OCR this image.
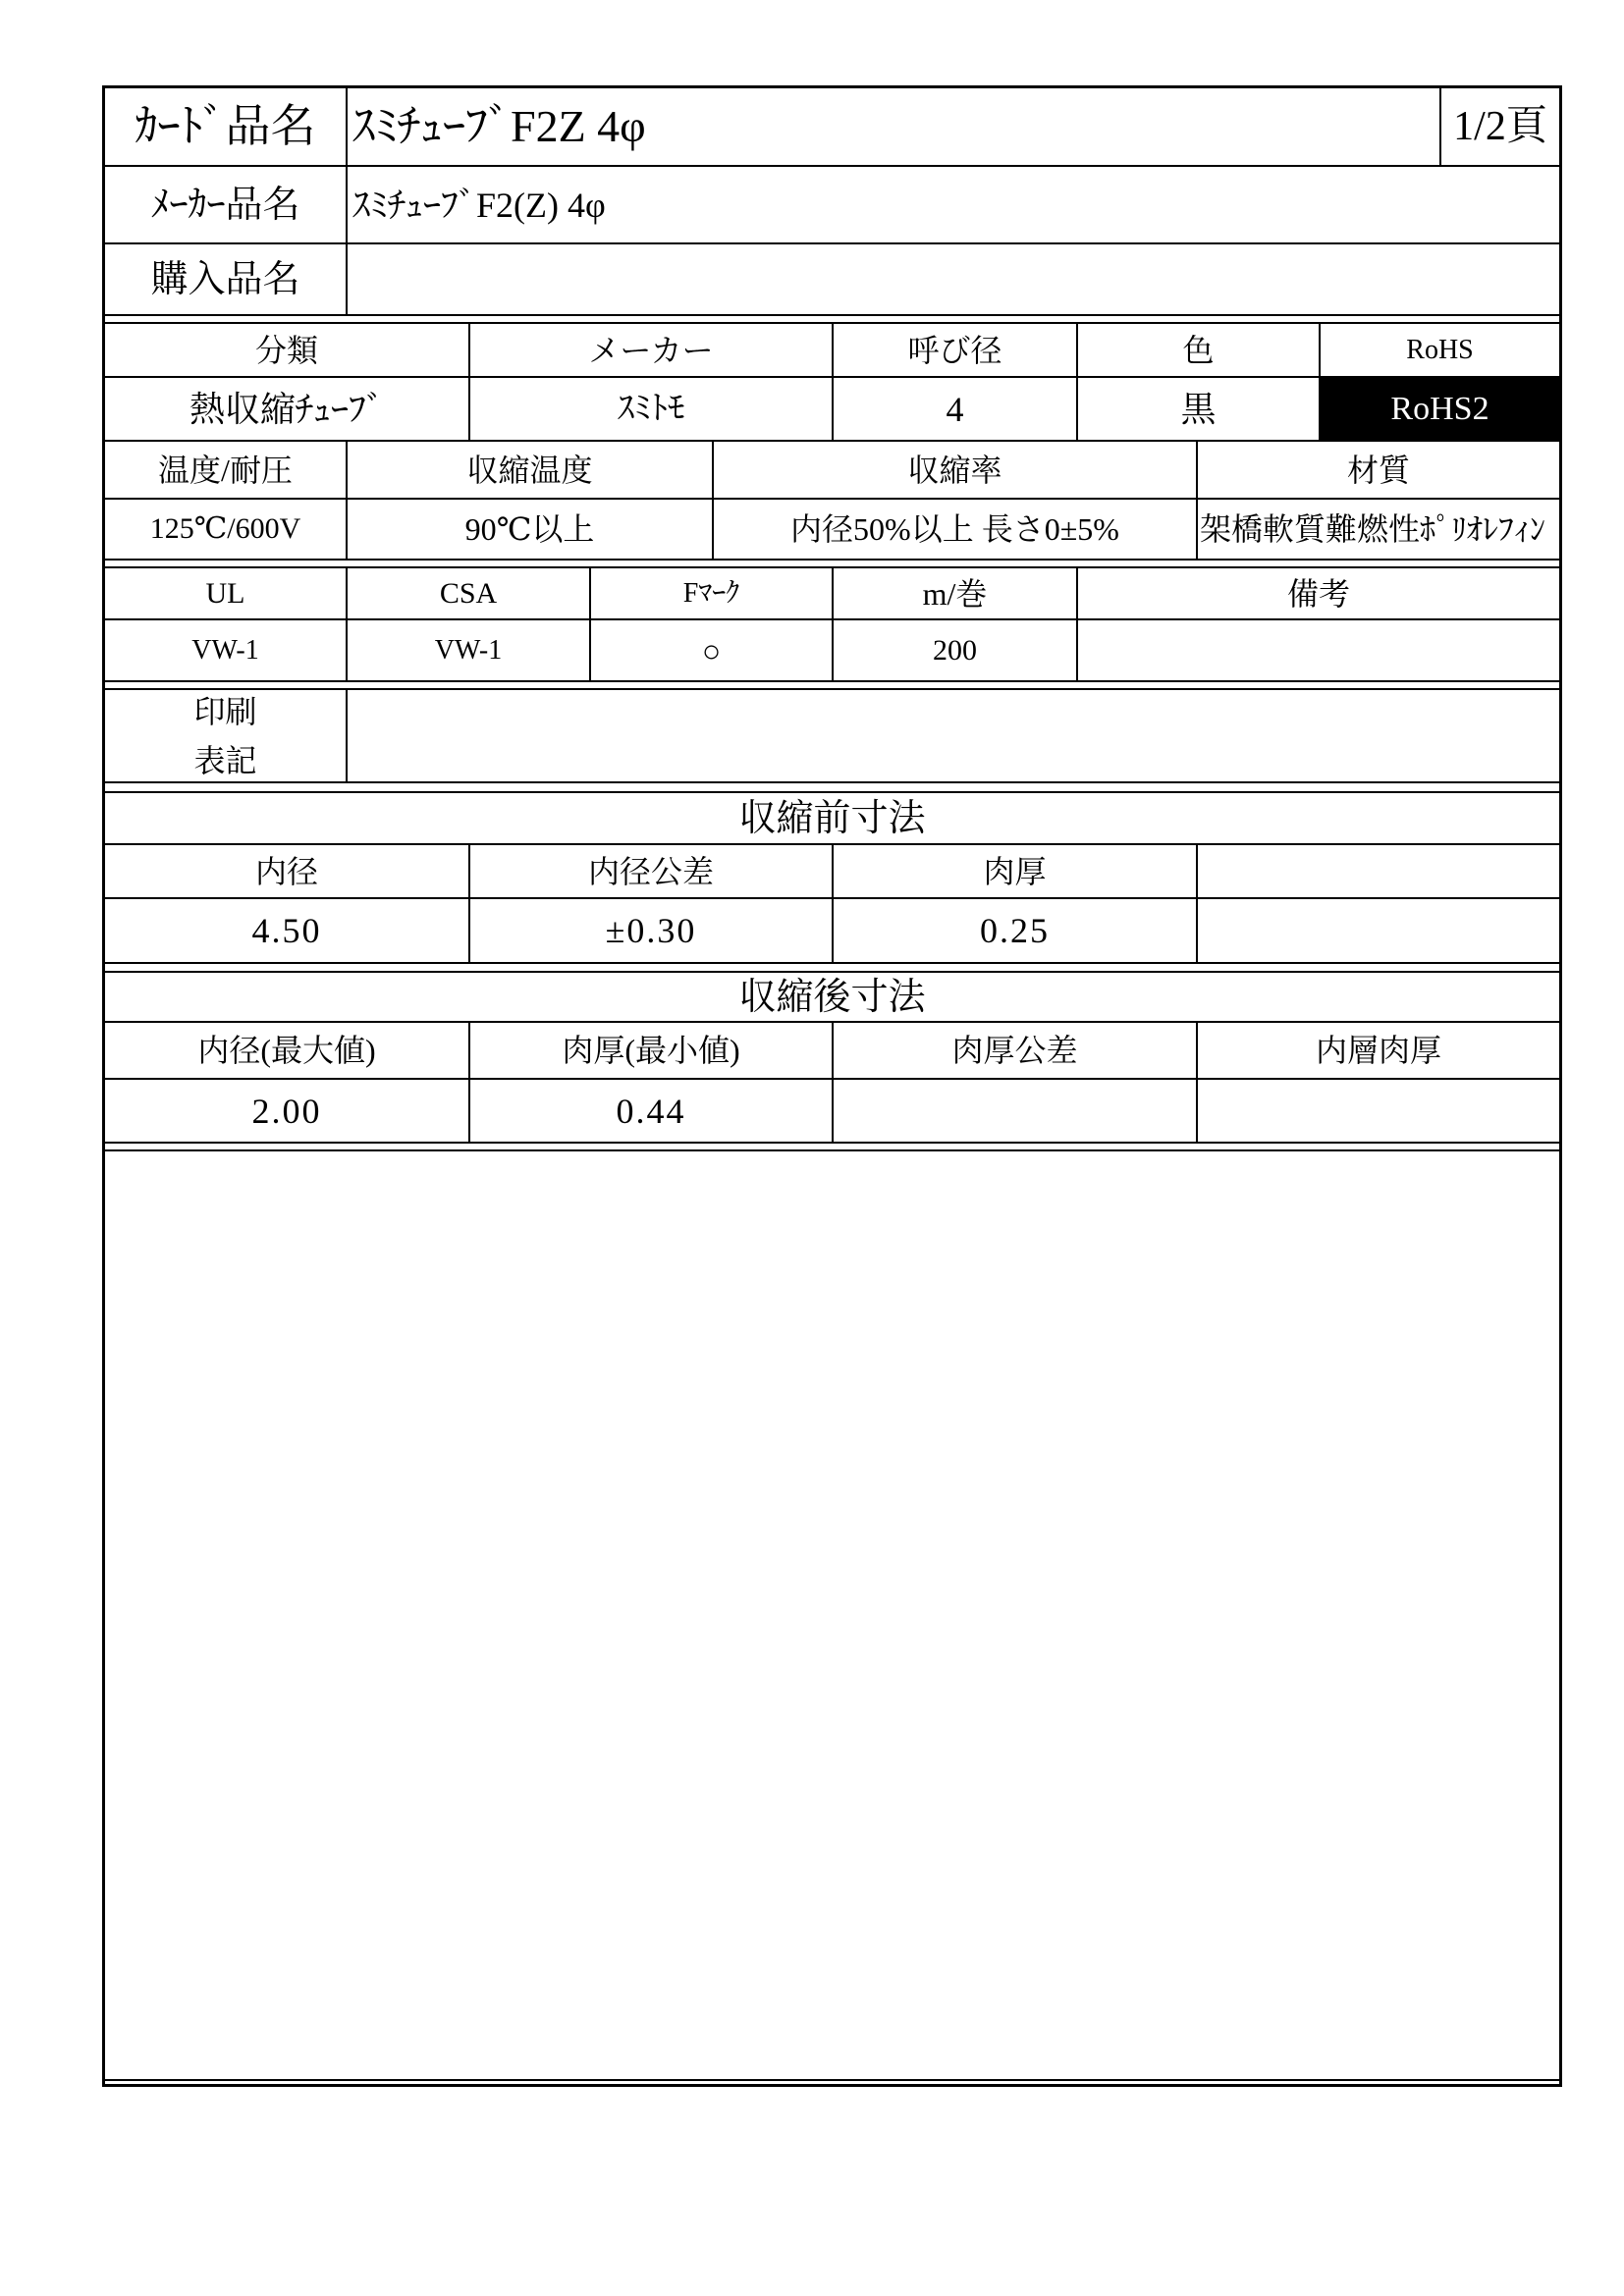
ｶｰﾄﾞ品名 ｽﾐﾁｭｰﾌﾞF2Z 4φ	1/2頁
ﾒｰｶｰ品名	ｽﾐﾁｭｰﾌﾞF2(Z) 4φ
購入品名
分類	メーカー	呼び径	色	RoHS
熱収縮ﾁｭｰﾌﾞ	ｽﾐﾄﾓ	4	黒	RoHS2
温度/耐圧	収縮温度	収縮率	材質
125℃/600V	90℃以上	内径50%以上 長さ0±5%	架橋軟質難燃性ﾎﾟﾘｵﾚﾌｨﾝ
UL	CSA	Fﾏｰｸ	m/巻	備考
VW-1	VW-1	○	200
印刷
表記
収縮前寸法
内径	内径公差	肉厚
4.50	±0.30	0.25
収縮後寸法
内径(最大値)	肉厚(最小値)	肉厚公差	内層肉厚
2.00	0.44
